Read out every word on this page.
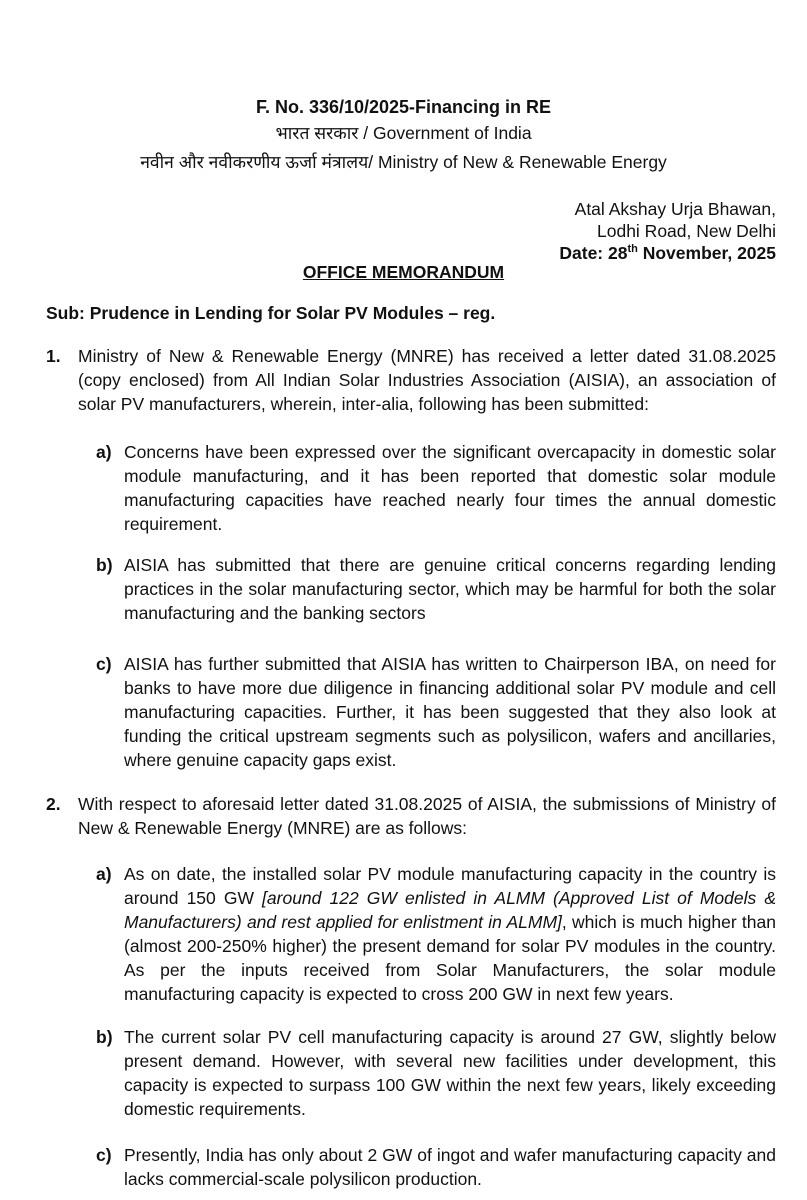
F. No. 336/10/2025-Financing in RE
भारत सरकार / Government of India
नवीन और नवीकरणीय ऊर्जा मंत्रालय/ Ministry of New & Renewable Energy
Atal Akshay Urja Bhawan,
Lodhi Road, New Delhi
Date: 28th November, 2025
OFFICE MEMORANDUM
Sub: Prudence in Lending for Solar PV Modules – reg.
1. Ministry of New & Renewable Energy (MNRE) has received a letter dated 31.08.2025
(copy enclosed) from All Indian Solar Industries Association (AISIA), an association of
solar PV manufacturers, wherein, inter-alia, following has been submitted:
a) Concerns have been expressed over the significant overcapacity in domestic solar
module manufacturing, and it has been reported that domestic solar module
manufacturing capacities have reached nearly four times the annual domestic
requirement.
b) AISIA has submitted that there are genuine critical concerns regarding lending
practices in the solar manufacturing sector, which may be harmful for both the solar
manufacturing and the banking sectors
c) AISIA has further submitted that AISIA has written to Chairperson IBA, on need for
banks to have more due diligence in financing additional solar PV module and cell
manufacturing capacities. Further, it has been suggested that they also look at
funding the critical upstream segments such as polysilicon, wafers and ancillaries,
where genuine capacity gaps exist.
2. With respect to aforesaid letter dated 31.08.2025 of AISIA, the submissions of Ministry of
New & Renewable Energy (MNRE) are as follows:
a) As on date, the installed solar PV module manufacturing capacity in the country is
around 150 GW [around 122 GW enlisted in ALMM (Approved List of Models &
Manufacturers) and rest applied for enlistment in ALMM], which is much higher than
(almost 200-250% higher) the present demand for solar PV modules in the country.
As per the inputs received from Solar Manufacturers, the solar module
manufacturing capacity is expected to cross 200 GW in next few years.
b) The current solar PV cell manufacturing capacity is around 27 GW, slightly below
present demand. However, with several new facilities under development, this
capacity is expected to surpass 100 GW within the next few years, likely exceeding
domestic requirements.
c) Presently, India has only about 2 GW of ingot and wafer manufacturing capacity and
lacks commercial-scale polysilicon production.
